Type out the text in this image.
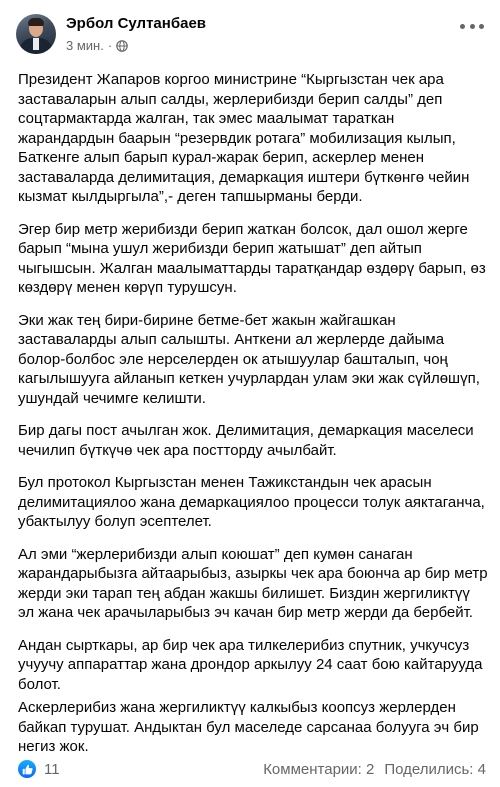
Эрбол Султанбаев
3 мин. ·

Президент Жапаров коргоо министрине “Кыргызстан чек ара заставаларын алып салды, жерлерибизди берип салды” деп соцтармактарда жалган, так эмес маалымат тараткан жарандардын баарын “резервдик ротага” мобилизация кылып, Баткенге алып барып курал-жарак берип, аскерлер менен заставаларда делимитация, демаркация иштери бүткөнгө чейин кызмат кылдыргыла”,- деген тапшырманы берди.

Эгер бир метр жерибизди берип жаткан болсок, дал ошол жерге барып “мына ушул жерибизди берип жатышат” деп айтып чыгышсын. Жалган маалыматтарды таратқандар өздөрү барып, өз көздөрү менен көрүп турушсун.

Эки жак тең бири-бирине бетме-бет жакын жайгашкан заставаларды алып салышты. Анткени ал жерлерде дайыма болор-болбос эле нерселерден ок атышуулар башталып, чоң кагылышууга айланып кеткен учурлардан улам эки жак сүйлөшүп, ушундай чечимге келишти.

Бир дагы пост ачылган жок. Делимитация, демаркация маселеси чечилип бүткүчө чек ара постторду ачылбайт.

Бул протокол Кыргызстан менен Тажикстандын чек арасын делимитациялоо жана демаркациялоо процесси толук аяктаганча, убактылуу болуп эсептелет.

Ал эми “жерлерибизди алып коюшат” деп кумөн санаган жарандарыбызга айтаарыбыз, азыркы чек ара боюнча ар бир метр жерди эки тарап тең абдан жакшы билишет. Биздин жергиликтүү эл жана чек арачыларыбыз эч качан бир метр жерди да бербейт.

Андан сырткары, ар бир чек ара тилкелерибиз спутник, учкучсуз учуучу аппараттар жана дрондор аркылуу 24 саат бою кайтарууда болот.

Аскерлерибиз жана жергиликтүү калкыбыз коопсуз жерлерден байкап турушат. Андыктан бул маселеде сарсанаа болууга эч бир негиз жок.

11	Комментарии: 2 Поделились: 4
